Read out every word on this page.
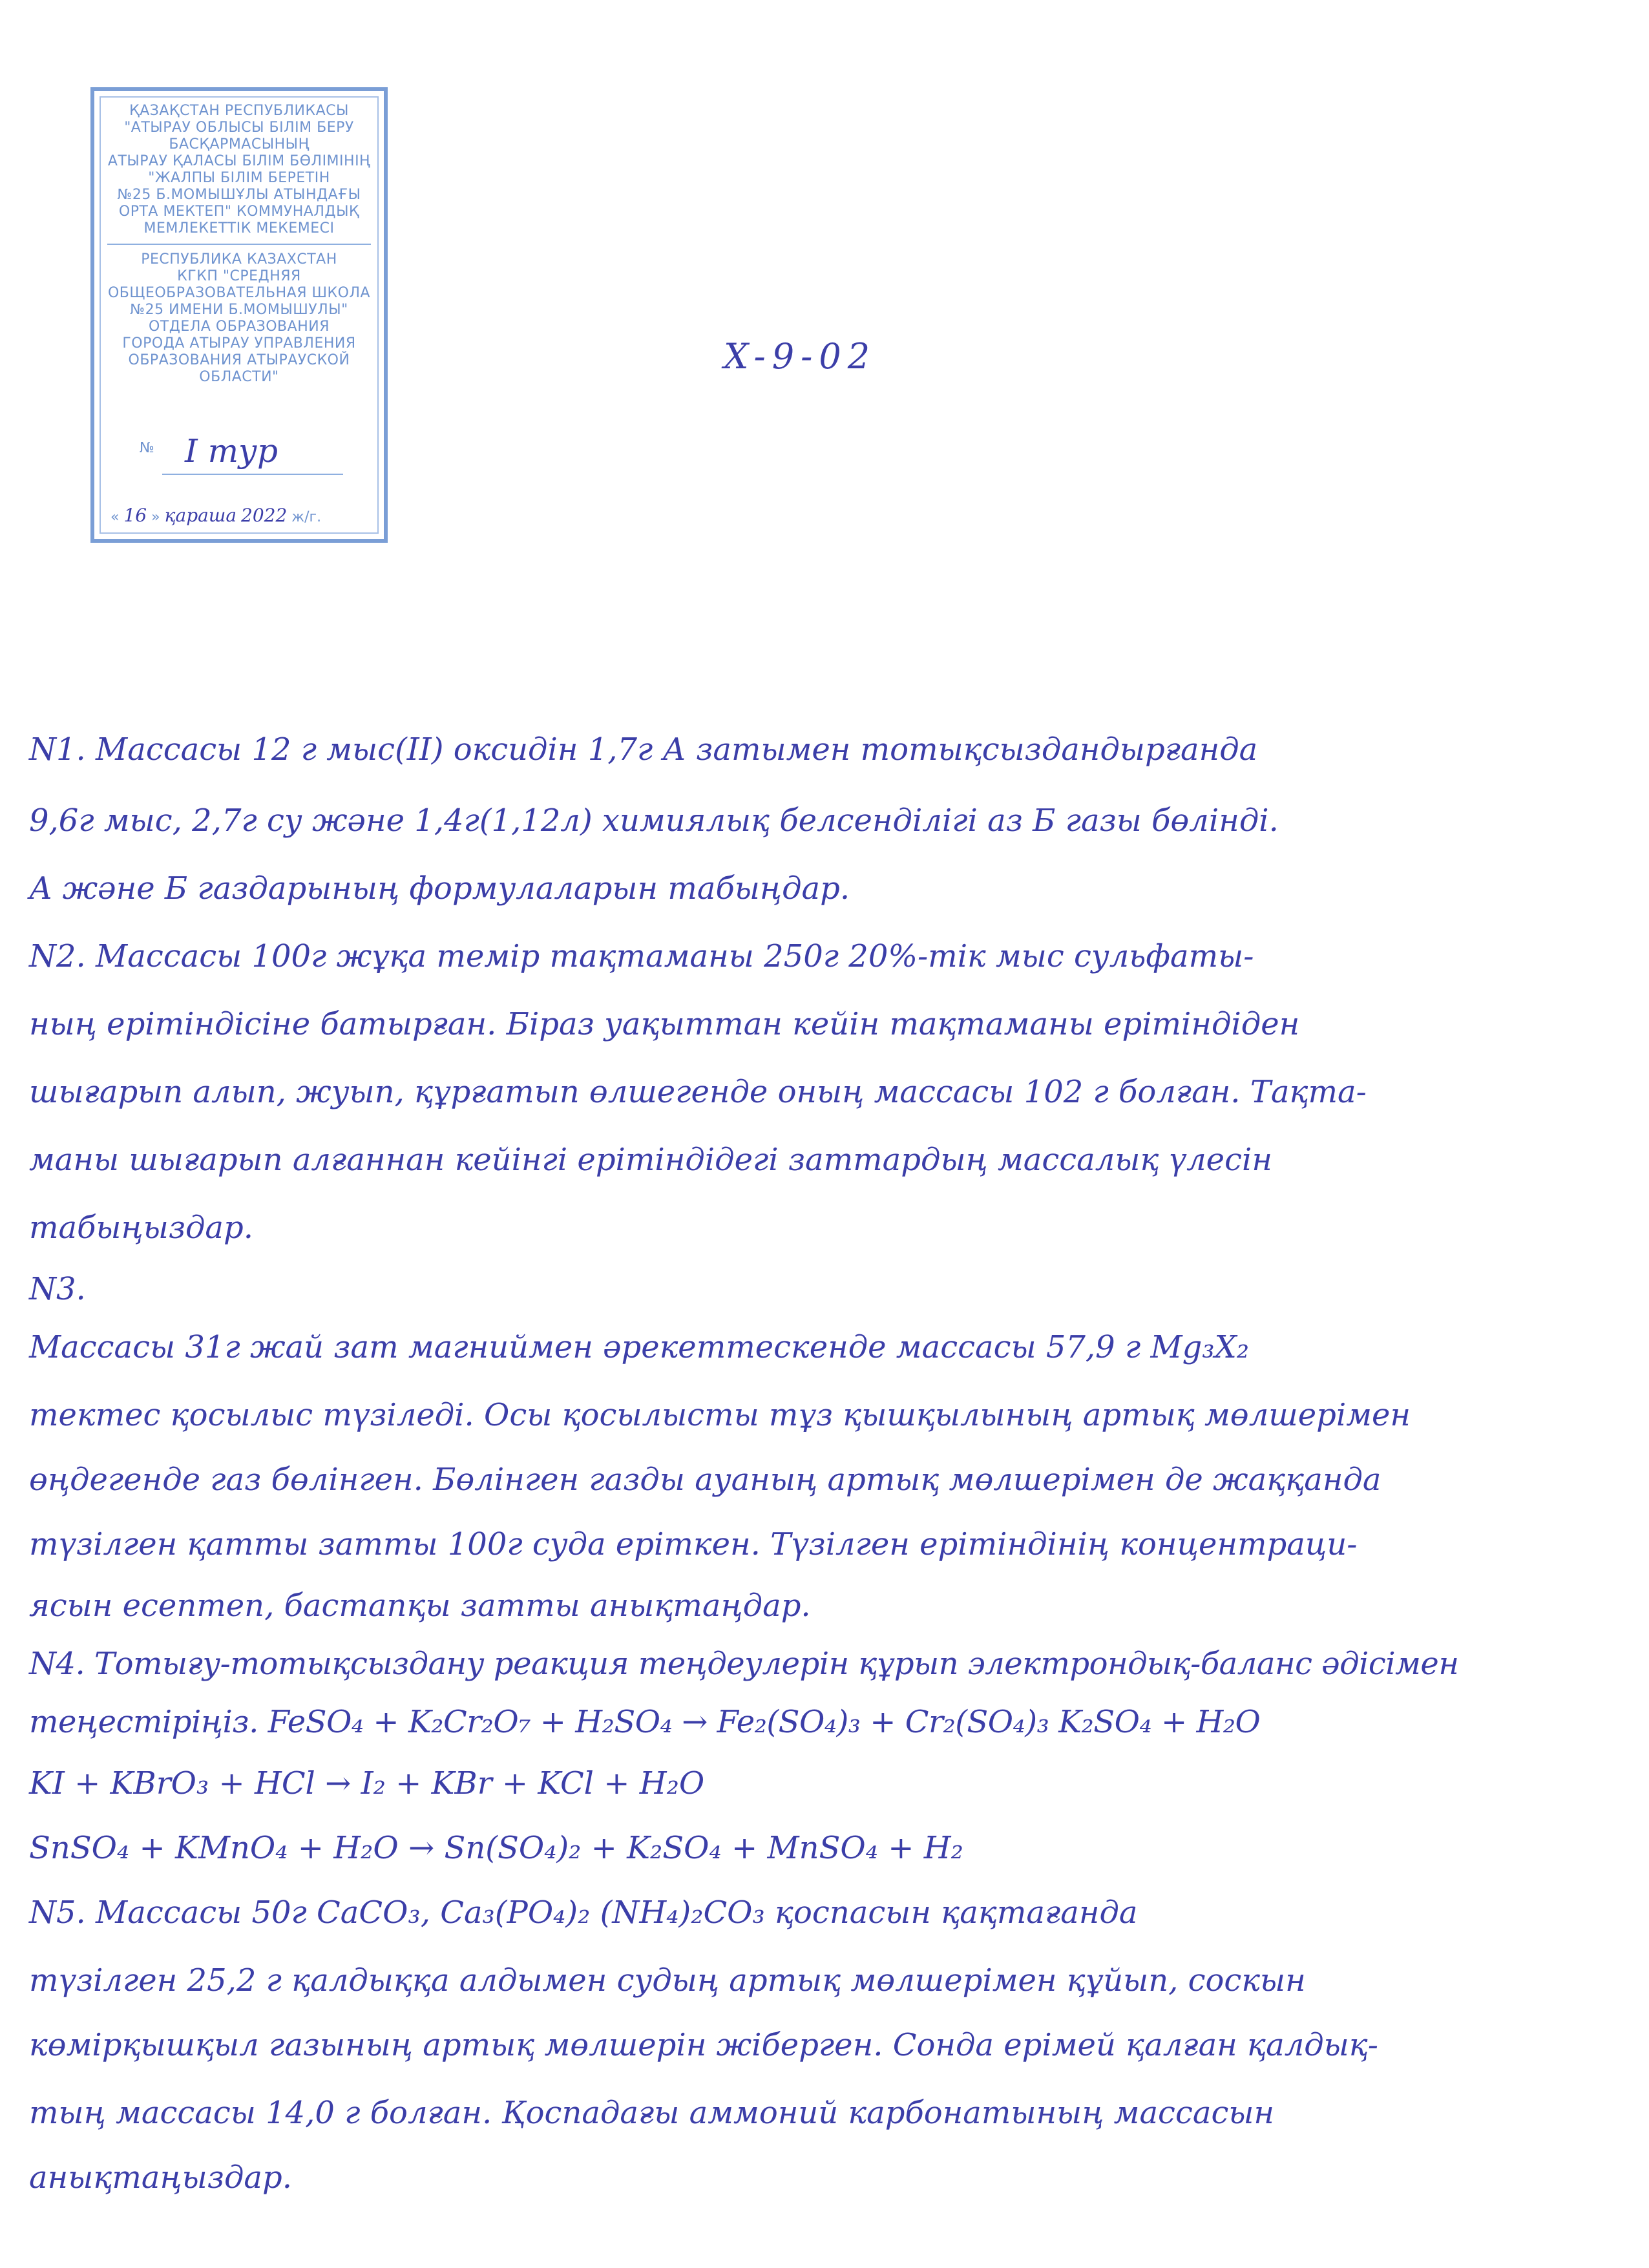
ҚАЗАҚСТАН РЕСПУБЛИКАСЫ
"АТЫРАУ ОБЛЫСЫ БІЛІМ БЕРУ
БАСҚАРМАСЫНЫҢ
АТЫРАУ ҚАЛАСЫ БІЛІМ БӨЛІМІНІҢ
"ЖАЛПЫ БІЛІМ БЕРЕТІН
№25 Б.МОМЫШҰЛЫ АТЫНДАҒЫ
ОРТА МЕКТЕП" КОММУНАЛДЫҚ
МЕМЛЕКЕТТІК МЕКЕМЕСІ
РЕСПУБЛИКА КАЗАХСТАН
КГКП "СРЕДНЯЯ
ОБЩЕОБРАЗОВАТЕЛЬНАЯ ШКОЛА
№25 ИМЕНИ Б.МОМЫШУЛЫ"
ОТДЕЛА ОБРАЗОВАНИЯ
ГОРОДА АТЫРАУ УПРАВЛЕНИЯ
ОБРАЗОВАНИЯ АТЫРАУСКОЙ
ОБЛАСТИ"
№ I тур
« 16 » қараша 2022 ж/г.
X-9-02
N1. Массасы 12 г мыс(II) оксидін 1,7г А затымен тотықсыздандырғанда
9,6г мыс, 2,7г су және 1,4г(1,12л) химиялық белсенділігі аз Б газы бөлінді.
А және Б газдарының формулаларын табыңдар.
N2. Массасы 100г жұқа темір тақтаманы 250г 20%-тік мыс сульфаты-
ның ерітіндісіне батырған. Біраз уақыттан кейін тақтаманы ерітіндіден
шығарып алып, жуып, құрғатып өлшегенде оның массасы 102 г болған. Тақта-
маны шығарып алғаннан кейінгі ерітіндідегі заттардың массалық үлесін
табыңыздар.
N3.
Массасы 31г жай зат магниймен әрекеттескенде массасы 57,9 г Mg₃X₂
тектес қосылыс түзіледі. Осы қосылысты тұз қышқылының артық мөлшерімен
өңдегенде газ бөлінген. Бөлінген газды ауаның артық мөлшерімен де жаққанда
түзілген қатты затты 100г суда еріткен. Түзілген ерітіндінің концентраци-
ясын есептеп, бастапқы затты анықтаңдар.
N4. Тотығу-тотықсыздану реакция теңдеулерін құрып электрондық-баланс әдісімен
теңестіріңіз. FeSO₄ + K₂Cr₂O₇ + H₂SO₄ → Fe₂(SO₄)₃ + Cr₂(SO₄)₃ K₂SO₄ + H₂O
KI + KBrO₃ + HCl → I₂ + KBr + KCl + H₂O
SnSO₄ + KMnO₄ + H₂O → Sn(SO₄)₂ + K₂SO₄ + MnSO₄ + H₂
N5. Массасы 50г CaCO₃, Ca₃(PO₄)₂ (NH₄)₂CO₃ қоспасын қақтағанда
түзілген 25,2 г қалдыққа алдымен судың артық мөлшерімен құйып, соскын
көмірқышқыл газының артық мөлшерін жіберген. Сонда ерімей қалған қалдық-
тың массасы 14,0 г болған. Қоспадағы аммоний карбонатының массасын
анықтаңыздар.
